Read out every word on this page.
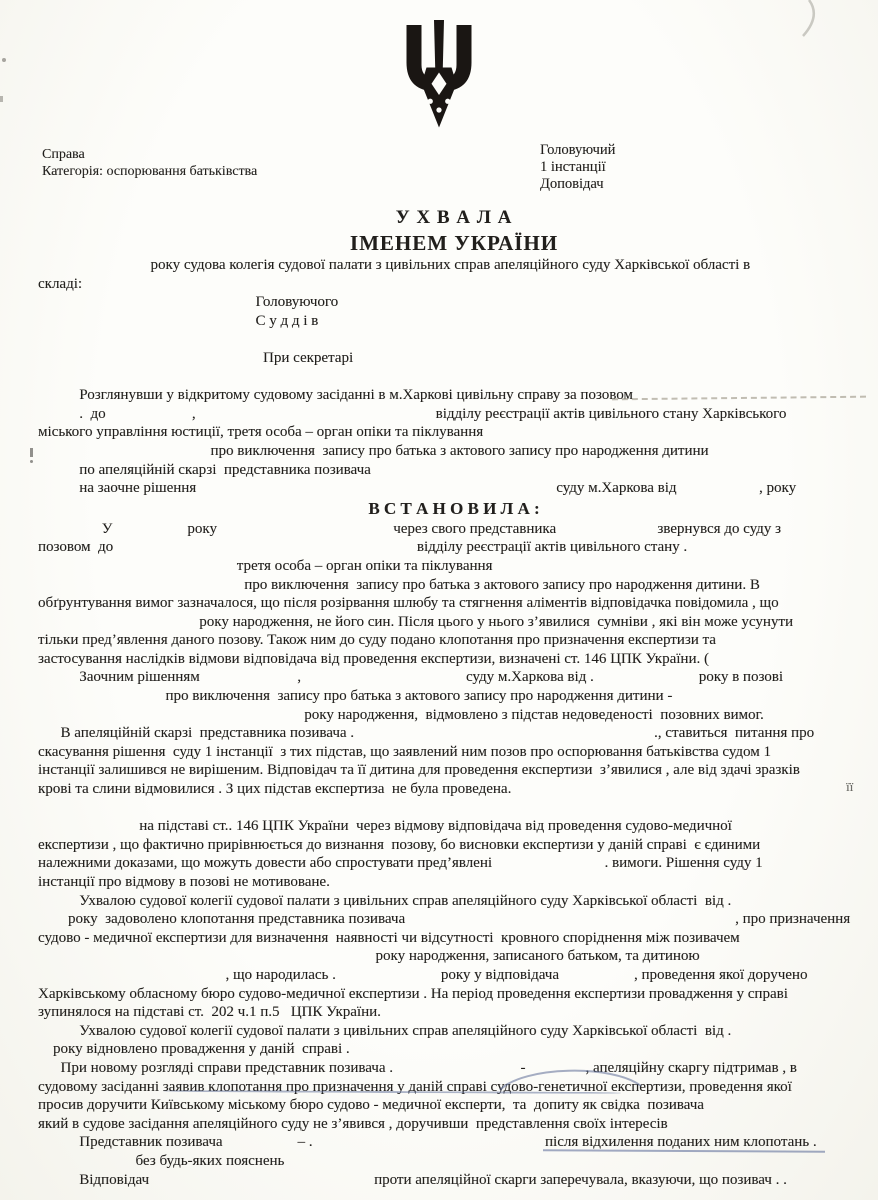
Справа
Категорія: оспорювання батьківства
Головуючий
1 інстанції
Доповідач
У Х В А Л А
ІМЕНЕМ УКРАЇНИ
року судова колегія судової палати з цивільних справ апеляційного суду Харківської області в
складі:
Головуючого
С у д д і в
При секретарі
Розглянувши у відкритому судовому засіданні в м.Харкові цивільну справу за позовом
.  до                       ,                                                                відділу реєстрації актів цивільного стану Харківського
міського управління юстиції, третя особа – орган опіки та піклування
про виключення  запису про батька з актового запису про народження дитини
по апеляційній скарзі  представника позивача
на заочне рішення                                                                                                суду м.Харкова від                      , року
В С Т А Н О В И Л А :
У                    року                                               через свого представника                           звернувся до суду з
позовом  до                                                                                 відділу реєстрації актів цивільного стану .
третя особа – орган опіки та піклування
про виключення  запису про батька з актового запису про народження дитини. В
обґрунтування вимог зазначалося, що після розірвання шлюбу та стягнення аліментів відповідачка повідомила , що
року народження, не його син. Після цього у нього з’явилися  сумніви , які він може усунути
тільки пред’явлення даного позову. Також ним до суду подано клопотання про призначення експертизи та
застосування наслідків відмови відповідача від проведення експертизи, визначені ст. 146 ЦПК України. (
Заочним рішенням                          ,                                            суду м.Харкова від .                            року в позові
про виключення  запису про батька з актового запису про народження дитини -
року народження,  відмовлено з підстав недоведеності  позовних вимог.
В апеляційній скарзі  представника позивача .                                                                                ., ставиться  питання про
скасування рішення  суду 1 інстанції  з тих підстав, що заявлений ним позов про оспорювання батьківства судом 1
інстанції залишився не вирішеним. Відповідач та її дитина для проведення експертизи  з’явилися , але від здачі зразків
крові та слини відмовилися . З цих підстав експертиза  не була проведена.
на підставі ст.. 146 ЦПК України  через відмову відповідача від проведення судово-медичної
експертизи , що фактично прирівнюється до визнання  позову, бо висновки експертизи у даній справі  є єдиними
належними доказами, що можуть довести або спростувати пред’явлені                              . вимоги. Рішення суду 1
інстанції про відмову в позові не мотивоване.
Ухвалою судової колегії судової палати з цивільних справ апеляційного суду Харківської області  від .
року  задоволено клопотання представника позивача                                                                                        , про призначення
судово - медичної експертизи для визначення  наявності чи відсутності  кровного споріднення між позивачем
року народження, записаного батьком, та дитиною
, що народилась .                            року у відповідача                    , проведення якої доручено
Харківському обласному бюро судово-медичної експертизи . На період проведення експертизи провадження у справі
зупинялося на підставі ст.  202 ч.1 п.5   ЦПК України.
Ухвалою судової колегії судової палати з цивільних справ апеляційного суду Харківської області  від .
року відновлено провадження у даній  справі .
При новому розгляді справи представник позивача .                                  -                , апеляційну скаргу підтримав , в
судовому засіданні заявив клопотання про призначення у даній справі судово-генетичної експертизи, проведення якої
просив доручити Київському міському бюро судово - медичної експерти,  та  допиту як свідка  позивача
який в судове засідання апеляційного суду не з’явився , доручивши  представлення своїх інтересів
Представник позивача                    – .                                                              після відхилення поданих ним клопотань .
без будь-яких пояснень
Відповідач                                                            проти апеляційної скарги заперечувала, вказуючи, що позивач . .
її
